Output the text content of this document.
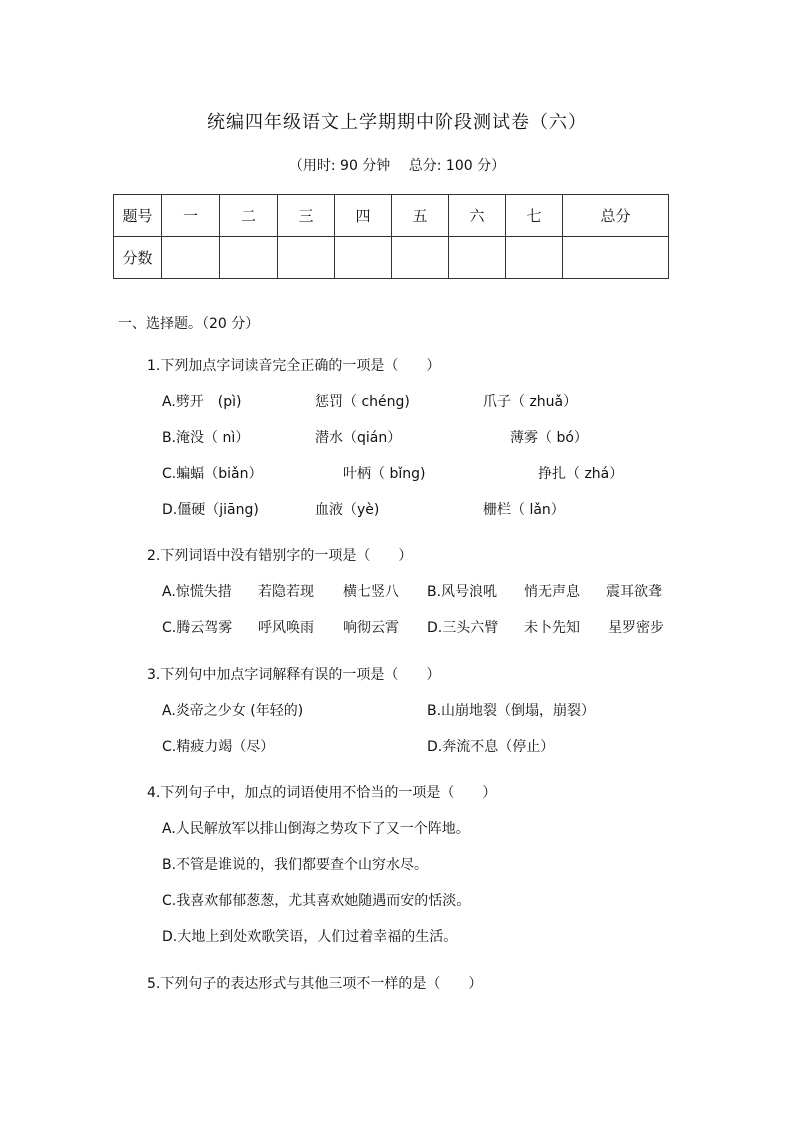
统编四年级语文上学期期中阶段测试卷（六）
（用时: 90 分钟　 总分: 100 分）
题号	一	二	三	四	五	六	七	总分
分数								
一、选择题。（20 分）
1.下列加点字词读音完全正确的一项是（　　）
A.劈开　(pì)	惩罚（ chéng)	爪子（ zhuǎ）
B.淹没（ nì）	潜水（qián）	薄雾（ bó）
C.蝙蝠（biǎn）	叶柄（ bǐng)	挣扎（ zhá）
D.僵硬（jiāng)	血液（yè)	栅栏（ lǎn）
2.下列词语中没有错别字的一项是（　　）
A.惊慌失措 若隐若现 横七竖八 B.风号浪吼 悄无声息 震耳欲聋
C.腾云驾雾 呼风唤雨 响彻云霄 D.三头六臂 未卜先知 星罗密步
3.下列句中加点字词解释有误的一项是（　　）
A.炎帝之少女 (年轻的)	B.山崩地裂（倒塌，崩裂）
C.精疲力竭（尽）	D.奔流不息（停止）
4.下列句子中，加点的词语使用不恰当的一项是（　　）
A.人民解放军以排山倒海之势攻下了又一个阵地。
B.不管是谁说的，我们都要查个山穷水尽。
C.我喜欢郁郁葱葱，尤其喜欢她随遇而安的恬淡。
D.大地上到处欢歌笑语，人们过着幸福的生活。
5.下列句子的表达形式与其他三项不一样的是（　　）
